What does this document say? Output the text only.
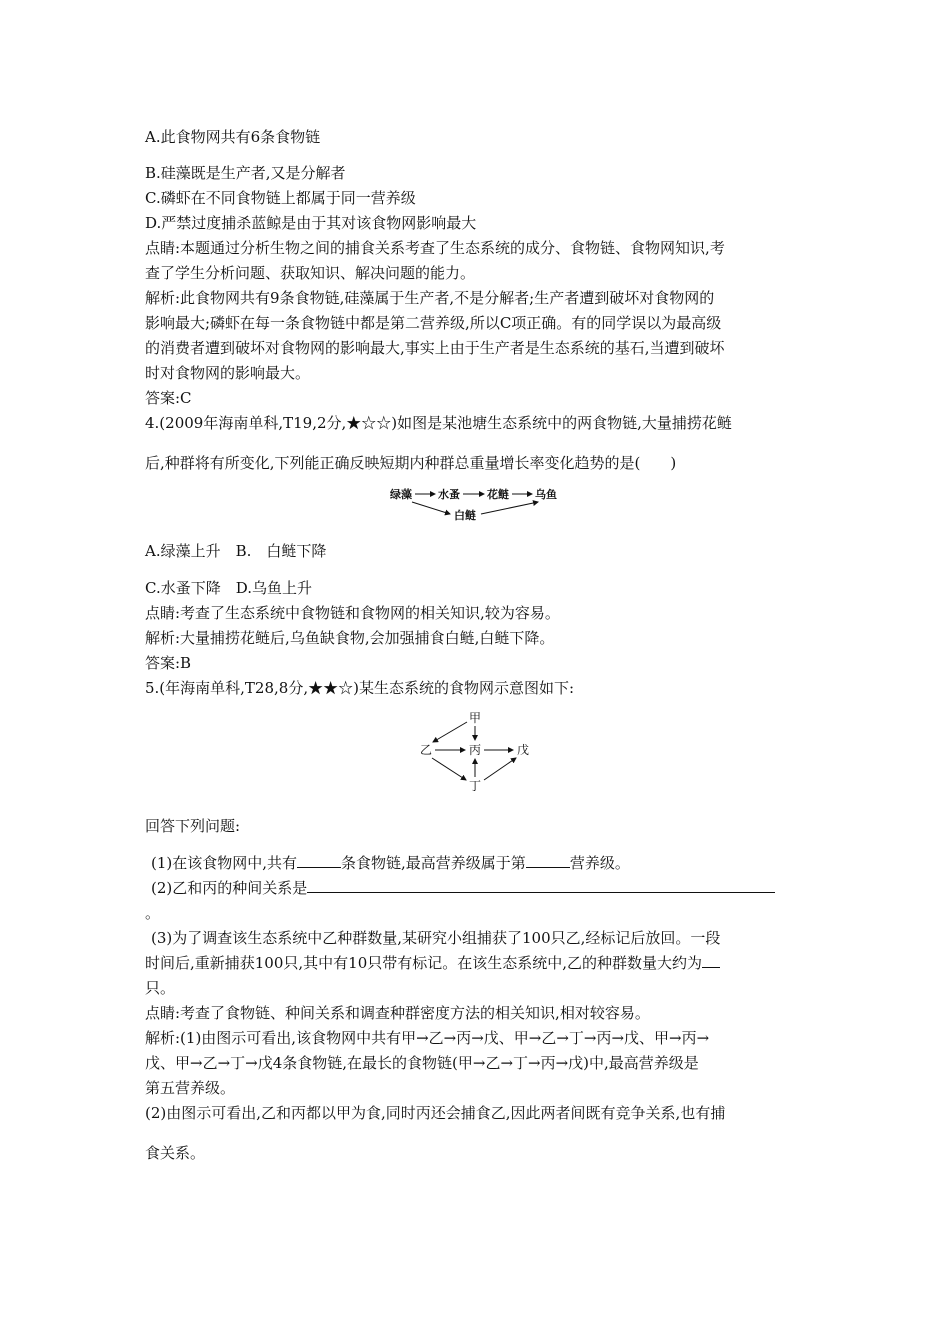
A.此食物网共有6条食物链
B.硅藻既是生产者,又是分解者
C.磷虾在不同食物链上都属于同一营养级
D.严禁过度捕杀蓝鲸是由于其对该食物网影响最大
点睛:本题通过分析生物之间的捕食关系考查了生态系统的成分、食物链、食物网知识,考
查了学生分析问题、获取知识、解决问题的能力。
解析:此食物网共有9条食物链,硅藻属于生产者,不是分解者;生产者遭到破坏对食物网的
影响最大;磷虾在每一条食物链中都是第二营养级,所以C项正确。有的同学误以为最高级
的消费者遭到破坏对食物网的影响最大,事实上由于生产者是生态系统的基石,当遭到破坏
时对食物网的影响最大。
答案:C
4.(2009年海南单科,T19,2分,★☆☆)如图是某池塘生态系统中的两食物链,大量捕捞花鲢
后,种群将有所变化,下列能正确反映短期内种群总重量增长率变化趋势的是(　　)
绿藻 水蚤 花鲢 乌鱼
白鲢
A.绿藻上升　B.　白鲢下降
C.水蚤下降　D.乌鱼上升
点睛:考查了生态系统中食物链和食物网的相关知识,较为容易。
解析:大量捕捞花鲢后,乌鱼缺食物,会加强捕食白鲢,白鲢下降。
答案:B
5.(年海南单科,T28,8分,★★☆)某生态系统的食物网示意图如下:
甲
乙	丙	戊
丁
回答下列问题:
(1)在该食物网中,共有	条食物链,最高营养级属于第	营养级。
(2)乙和丙的种间关系是
。
(3)为了调查该生态系统中乙种群数量,某研究小组捕获了100只乙,经标记后放回。一段
时间后,重新捕获100只,其中有10只带有标记。在该生态系统中,乙的种群数量大约为
只。
点睛:考查了食物链、种间关系和调查种群密度方法的相关知识,相对较容易。
解析:(1)由图示可看出,该食物网中共有甲→乙→丙→戊、甲→乙→丁→丙→戊、甲→丙→
戊、甲→乙→丁→戊4条食物链,在最长的食物链(甲→乙→丁→丙→戊)中,最高营养级是
第五营养级。
(2)由图示可看出,乙和丙都以甲为食,同时丙还会捕食乙,因此两者间既有竞争关系,也有捕
食关系。
